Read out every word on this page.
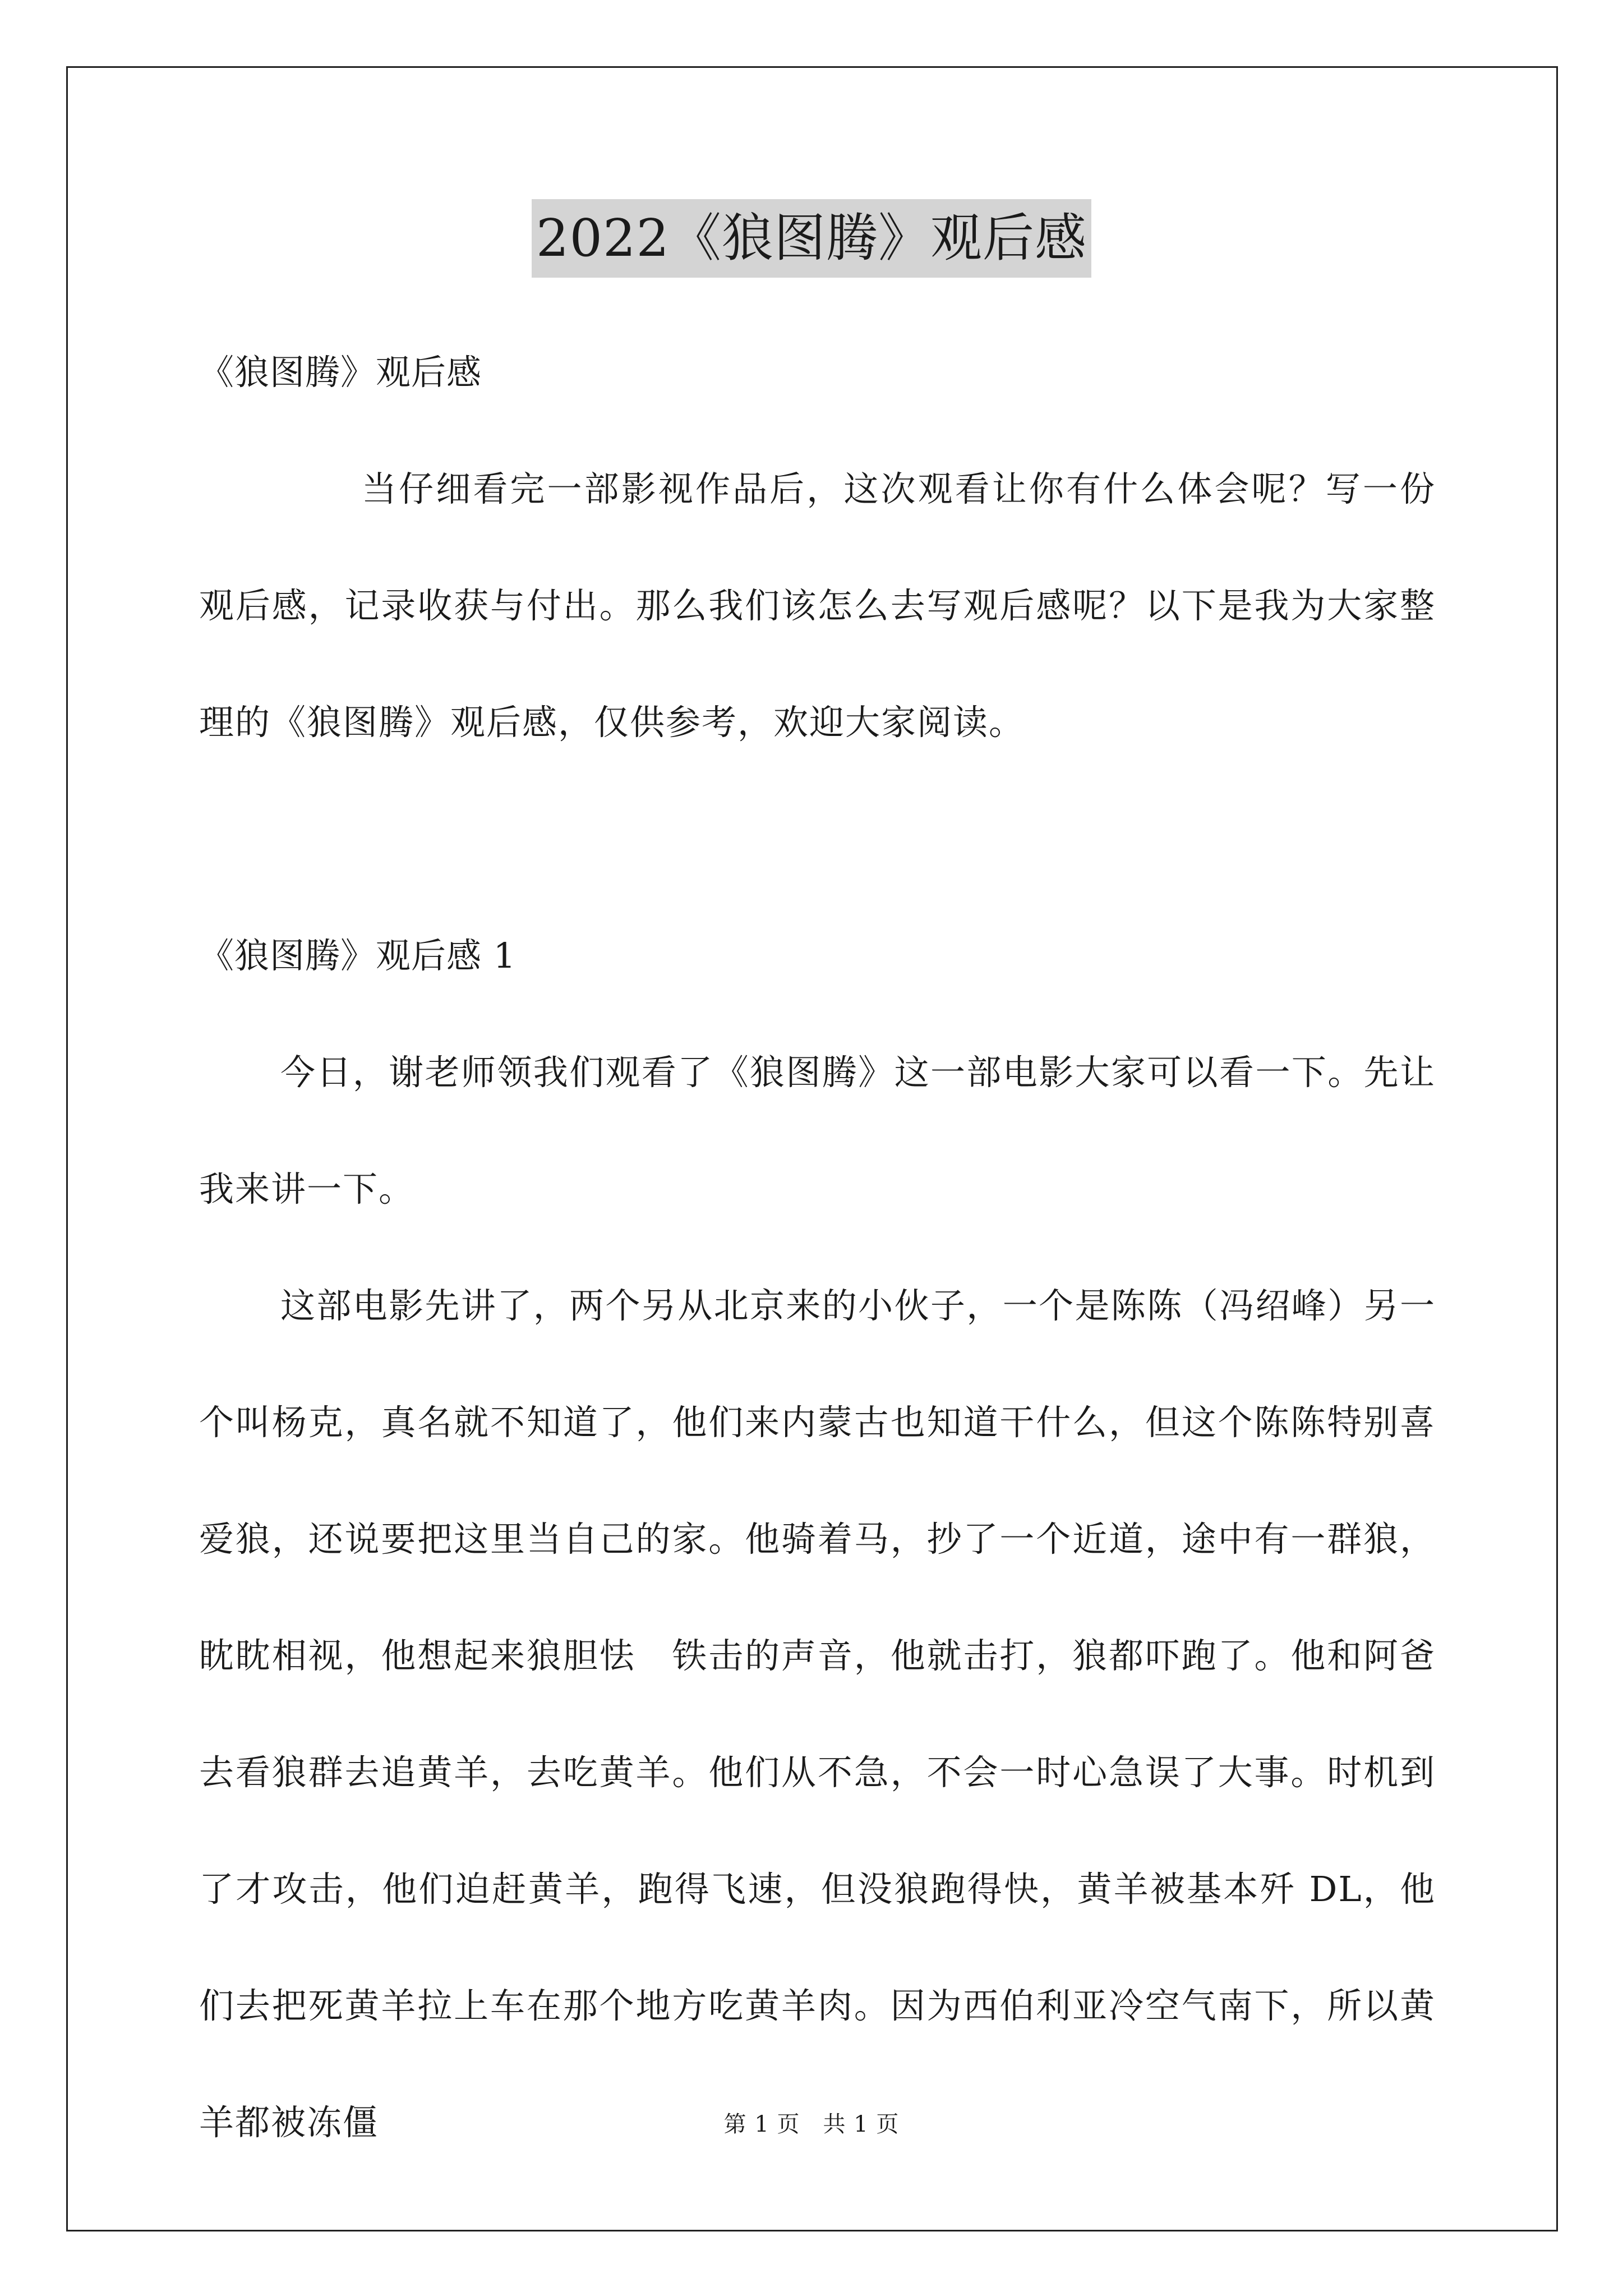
2022《狼图腾》观后感

《狼图腾》观后感

当仔细看完一部影视作品后，这次观看让你有什么体会呢？写一份观后感，记录收获与付出。那么我们该怎么去写观后感呢？以下是我为大家整理的《狼图腾》观后感，仅供参考，欢迎大家阅读。

《狼图腾》观后感 1

今日，谢老师领我们观看了《狼图腾》这一部电影大家可以看一下。先让我来讲一下。

这部电影先讲了，两个另从北京来的小伙子，一个是陈陈（冯绍峰）另一个叫杨克，真名就不知道了，他们来内蒙古也知道干什么，但这个陈陈特别喜爱狼，还说要把这里当自己的家。他骑着马，抄了一个近道，途中有一群狼，眈眈相视，他想起来狼胆怯　铁击的声音，他就击打，狼都吓跑了。他和阿爸去看狼群去追黄羊，去吃黄羊。他们从不急，不会一时心急误了大事。时机到了才攻击，他们迫赶黄羊，跑得飞速，但没狼跑得快，黄羊被基本歼 DL，他们去把死黄羊拉上车在那个地方吃黄羊肉。因为西伯利亚冷空气南下，所以黄羊都被冻僵	第 1 页　共 1 页
